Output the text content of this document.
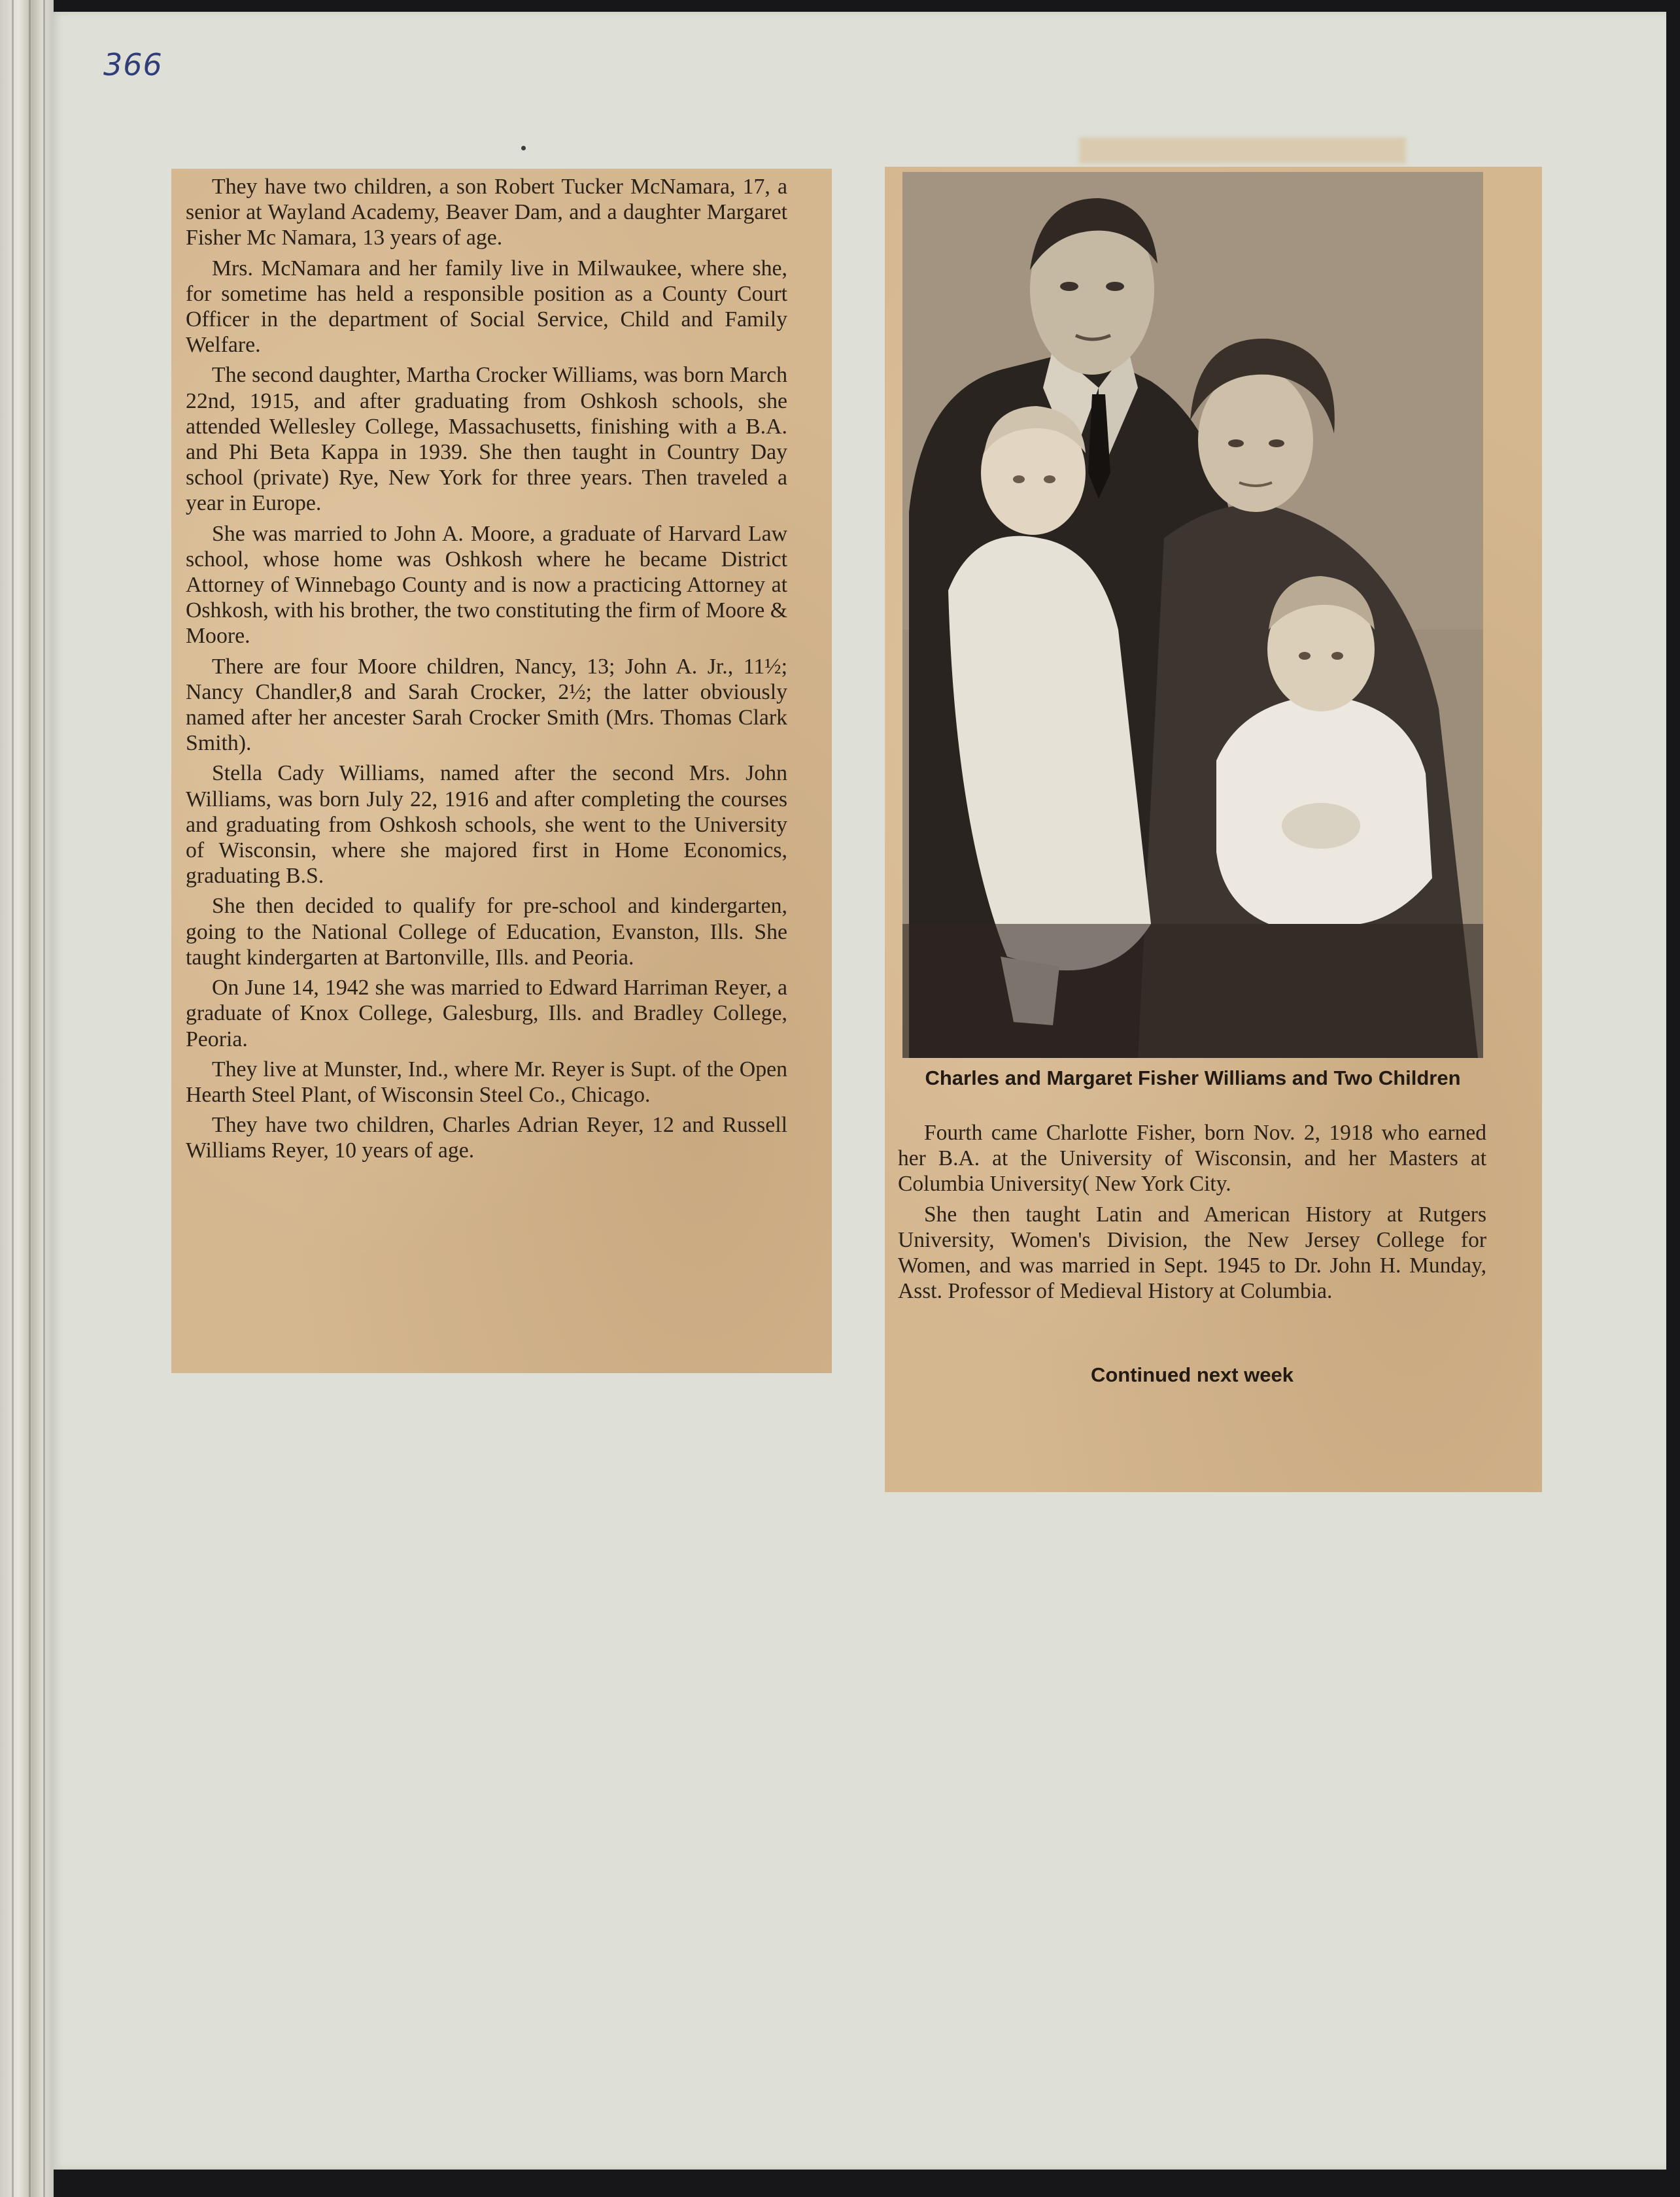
366

They have two children, a son Robert Tucker McNamara, 17, a senior at Wayland Academy, Beaver Dam, and a daughter Margaret Fisher Mc Namara, 13 years of age.

Mrs. McNamara and her family live in Milwaukee, where she, for sometime has held a responsible position as a County Court Officer in the department of Social Service, Child and Family Welfare.

The second daughter, Martha Crocker Williams, was born March 22nd, 1915, and after graduating from Oshkosh schools, she attended Wellesley College, Massachusetts, finishing with a B.A. and Phi Beta Kappa in 1939. She then taught in Country Day school (private) Rye, New York for three years. Then traveled a year in Europe.

She was married to John A. Moore, a graduate of Harvard Law school, whose home was Oshkosh where he became District Attorney of Winnebago County and is now a practicing Attorney at Oshkosh, with his brother, the two constituting the firm of Moore & Moore.

There are four Moore children, Nancy, 13; John A. Jr., 11½; Nancy Chandler,8 and Sarah Crocker, 2½; the latter obviously named after her ancester Sarah Crocker Smith (Mrs. Thomas Clark Smith).

Stella Cady Williams, named after the second Mrs. John Williams, was born July 22, 1916 and after completing the courses and graduating from Oshkosh schools, she went to the University of Wisconsin, where she majored first in Home Economics, graduating B.S.

She then decided to qualify for pre-school and kindergarten, going to the National College of Education, Evanston, Ills. She taught kindergarten at Bartonville, Ills. and Peoria.

On June 14, 1942 she was married to Edward Harriman Reyer, a graduate of Knox College, Galesburg, Ills. and Bradley College, Peoria.

They live at Munster, Ind., where Mr. Reyer is Supt. of the Open Hearth Steel Plant, of Wisconsin Steel Co., Chicago.

They have two children, Charles Adrian Reyer, 12 and Russell Williams Reyer, 10 years of age.

Charles and Margaret Fisher Williams and Two Children

Fourth came Charlotte Fisher, born Nov. 2, 1918 who earned her B.A. at the University of Wisconsin, and her Masters at Columbia University( New York City.

She then taught Latin and American History at Rutgers University, Women's Division, the New Jersey College for Women, and was married in Sept. 1945 to Dr. John H. Munday, Asst. Professor of Medieval History at Columbia.

Continued next week
